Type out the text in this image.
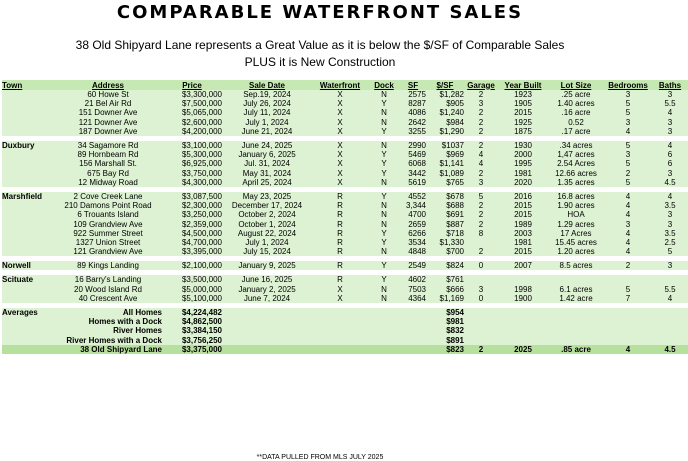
COMPARABLE WATERFRONT SALES
38 Old Shipyard Lane represents a Great Value as it is below the $/SF of Comparable Sales
PLUS it is New Construction
Town	Address	Price	Sale Date	Waterfront	Dock	SF	$/SF	Garage	Year Built	Lot Size	Bedrooms	Baths
	60 Howe St	$3,300,000	Sep.19, 2024	X	N	2575	$1,282	2	1923	.25 acre	3	3
	21 Bel Air Rd	$7,500,000	July 26, 2024	X	Y	8287	$905	3	1905	1.40 acres	5	5.5
	151 Downer Ave	$5,065,000	July 11, 2024	X	N	4086	$1,240	2	2015	.16 acre	5	4
	121 Downer Ave	$2,600,000	July 1, 2024	X	N	2642	$984	2	1925	0.52	3	3
	187 Downer Ave	$4,200,000	June 21, 2024	X	Y	3255	$1,290	2	1875	.17 acre	4	3

Duxbury	34 Sagamore Rd	$3,100,000	June 24, 2025	X	N	2990	$1037	2	1930	.34 acres	5	4
	89 Hornbeam Rd	$5,300,000	January 6, 2025	X	Y	5469	$969	4	2000	1,47 acres	3	6
	156 Marshall St.	$6,925,000	Jul. 31, 2024	X	Y	6068	$1,141	4	1995	2.54 Acres	5	6
	675 Bay Rd	$3,750,000	May 31, 2024	X	Y	3442	$1,089	2	1981	12.66 acres	2	3
	12 Midway Road	$4,300,000	April 25, 2024	X	N	5619	$765	3	2020	1.35 acres	5	4.5

Marshfield	2 Cove Creek Lane	$3,087,500	May 23, 2025	R	Y	4552	$678	5	2016	16.8 acres	4	4
	210 Damons Point Road	$2,300,000	December 17, 2024	R	N	3,344	$688	2	2015	1.90 acres	4	3.5
	6 Trouants Island	$3,250,000	October 2, 2024	R	N	4700	$691	2	2015	HOA	4	3
	109 Grandview Ave	$2,359,000	October 1, 2024	R	N	2659	$887	2	1989	1.29 acres	3	3
	922 Summer Street	$4,500,000	August 22, 2024	R	Y	6266	$718	8	2003	17 Acres	4	3.5
	1327 Union Street	$4,700,000	July 1, 2024	R	Y	3534	$1,330		1981	15.45 acres	4	2.5
	121 Grandview Ave	$3,395,000	July 15, 2024	R	N	4848	$700	2	2015	1.20 acres	4	5

Norwell	89 Kings Landing	$2,100,000	January 9, 2025	R	Y	2549	$824	0	2007	8.5 acres	2	3

Scituate	16 Barry's Landing	$3,500,000	June 16, 2025	R	Y	4602	$761					
	20 Wood Island Rd	$5,000,000	January 2, 2025	X	N	7503	$666	3	1998	6.1 acres	5	5.5
	40 Crescent Ave	$5,100,000	June 7, 2024	X	N	4364	$1,169	0	1900	1.42 acre	7	4

Averages	All Homes	$4,224,482					$954					
	Homes with a Dock	$4,862,500					$981					
	River Homes	$3,384,150					$832					
	River Homes with a Dock	$3,756,250					$891					
	38 Old Shipyard Lane	$3,375,000					$823	2	2025	.85 acre	4	4.5
**DATA PULLED FROM MLS JULY 2025
